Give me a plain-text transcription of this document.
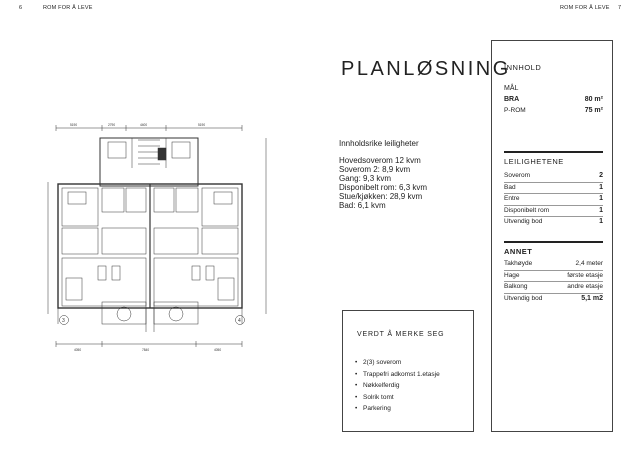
6	ROM FOR Å LEVE	ROM FOR Å LEVE 7
5190	2790	4400	5190
4050	7840	4050
3	4
PLANLØSNING
Innholdsrike leiligheter
Hovedsoverom 12 kvm
Soverom 2: 8,9 kvm
Gang: 9,3 kvm
Disponibelt rom: 6,3 kvm
Stue/kjøkken: 28,9 kvm
Bad: 6,1 kvm
VERDT Å MERKE SEG
• 2(3) soverom
• Trappefri adkomst 1.etasje
• Nøkkelferdig
• Solrik tomt
• Parkering
INNHOLD
MÅL
BRA	80 m²
P-ROM	75 m²
LEILIGHETENE
Soverom	2
Bad	1
Entre	1
Disponibelt rom	1
Utvendig bod	1
ANNET
Takhøyde	2,4 meter
Hage	første etasje
Balkong	andre etasje
Utvendig bod	5,1 m2
